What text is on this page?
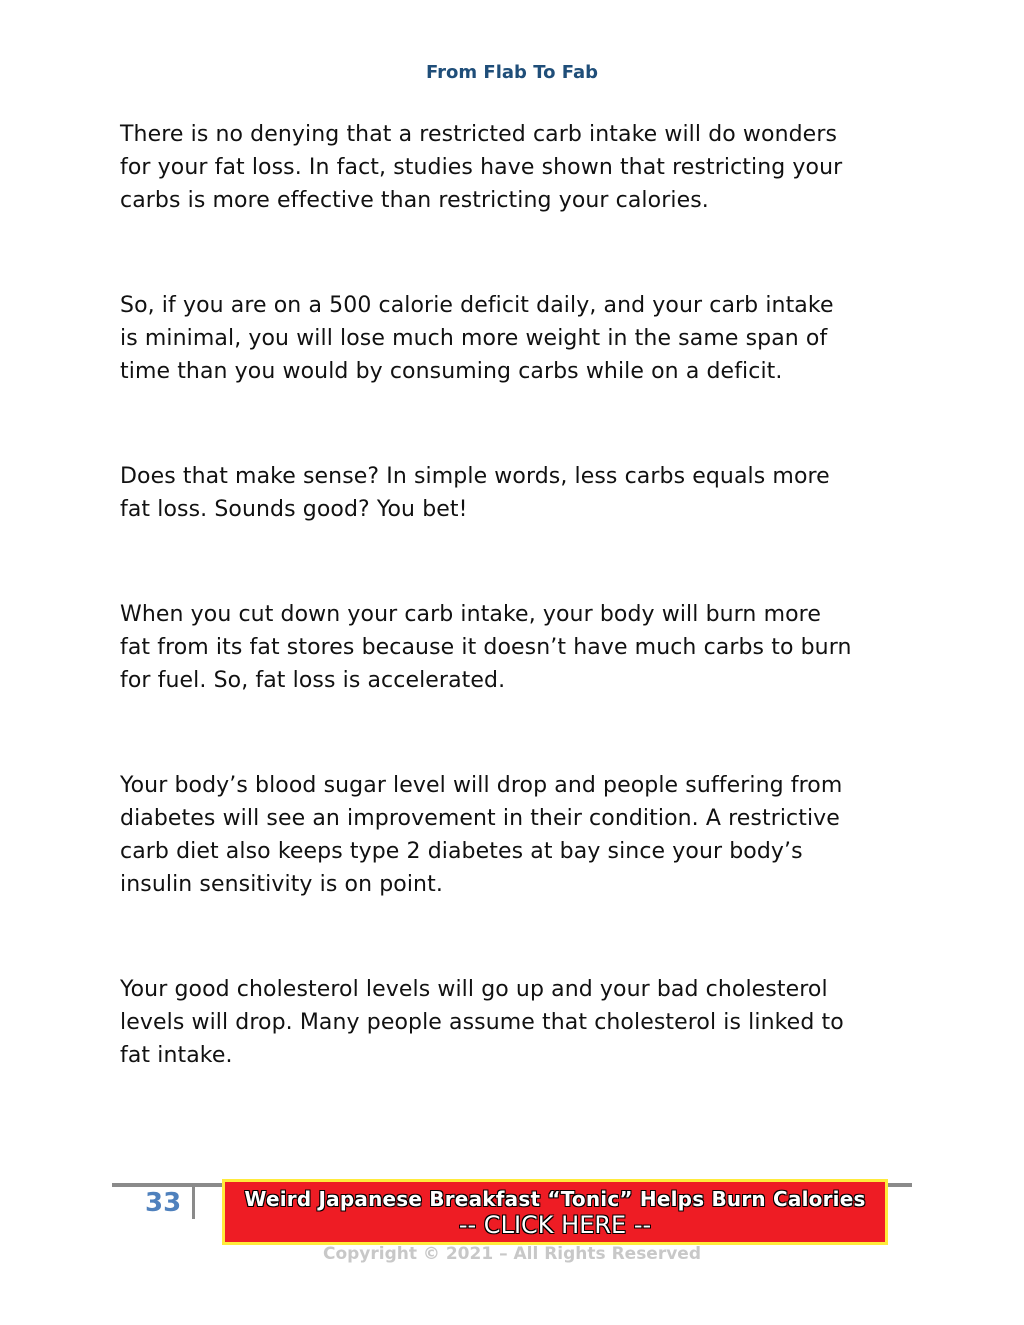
From Flab To Fab

There is no denying that a restricted carb intake will do wonders
for your fat loss. In fact, studies have shown that restricting your
carbs is more effective than restricting your calories.

So, if you are on a 500 calorie deficit daily, and your carb intake
is minimal, you will lose much more weight in the same span of
time than you would by consuming carbs while on a deficit.

Does that make sense? In simple words, less carbs equals more
fat loss. Sounds good? You bet!

When you cut down your carb intake, your body will burn more
fat from its fat stores because it doesn’t have much carbs to burn
for fuel. So, fat loss is accelerated.

Your body’s blood sugar level will drop and people suffering from
diabetes will see an improvement in their condition. A restrictive
carb diet also keeps type 2 diabetes at bay since your body’s
insulin sensitivity is on point.

Your good cholesterol levels will go up and your bad cholesterol
levels will drop. Many people assume that cholesterol is linked to
fat intake.

33	Weird Japanese Breakfast “Tonic” Helps Burn Calories
-- CLICK HERE --
Copyright © 2021 – All Rights Reserved
